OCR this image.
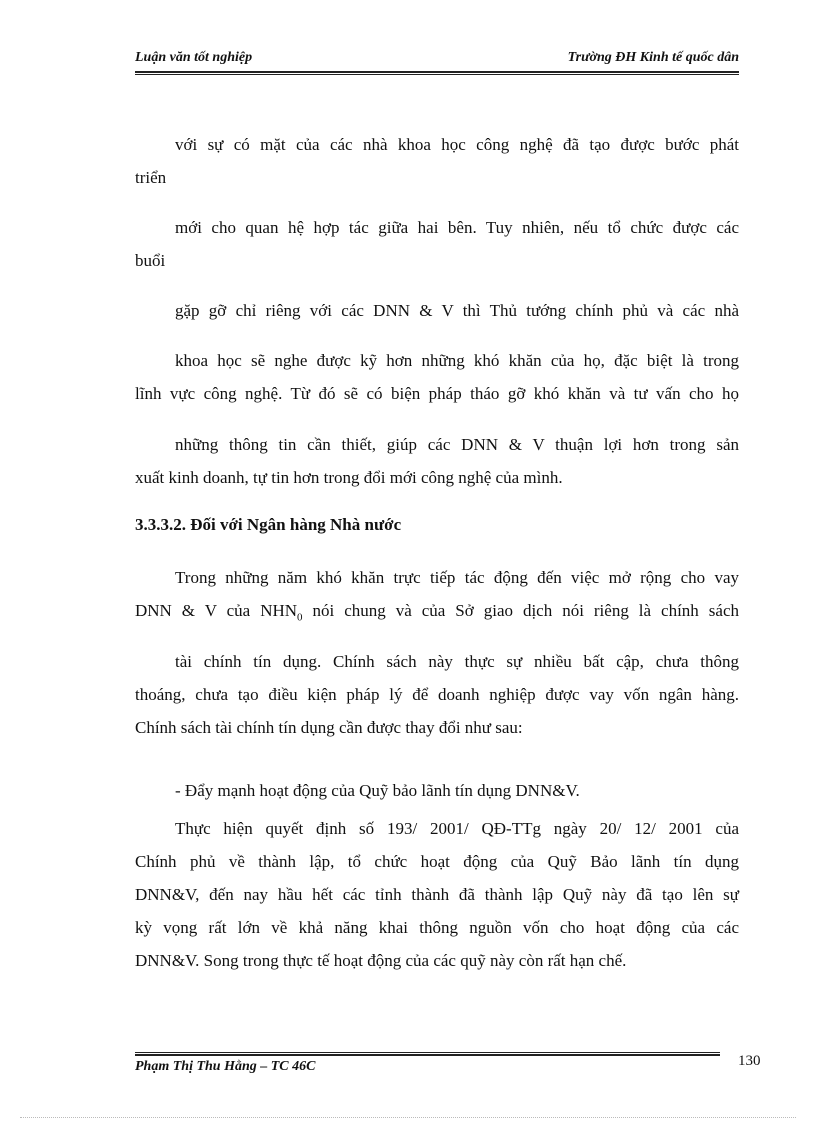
Luận văn tốt nghiệp	Trường ĐH Kinh tế quốc dân
với sự có mặt của các nhà khoa học công nghệ đã tạo được bước phát
triển
mới cho quan hệ hợp tác giữa hai bên. Tuy nhiên, nếu tổ chức được các
buổi
gặp gỡ chỉ riêng với các DNN & V thì Thủ tướng chính phủ và các nhà
khoa học sẽ nghe được kỹ hơn những khó khăn của họ, đặc biệt là trong
lĩnh vực công nghệ. Từ đó sẽ có biện pháp tháo gỡ khó khăn và tư vấn cho họ
những thông tin cần thiết, giúp các DNN & V thuận lợi hơn trong sản
xuất kinh doanh, tự tin hơn trong đổi mới công nghệ của mình.
3.3.3.2. Đối với Ngân hàng Nhà nước
Trong những năm khó khăn trực tiếp tác động đến việc mở rộng cho vay
DNN & V của $NHN_0$ nói chung và của Sở giao dịch nói riêng là chính sách
tài chính tín dụng. Chính sách này thực sự nhiều bất cập, chưa thông
thoáng, chưa tạo điều kiện pháp lý để doanh nghiệp được vay vốn ngân hàng.
Chính sách tài chính tín dụng cần được thay đổi như sau:
- Đẩy mạnh hoạt động của Quỹ bảo lãnh tín dụng DNN&V.
Thực hiện quyết định số 193/ 2001/ QĐ-TTg ngày 20/ 12/ 2001 của
Chính phủ về thành lập, tổ chức hoạt động của Quỹ Bảo lãnh tín dụng
DNN&V, đến nay hầu hết các tỉnh thành đã thành lập Quỹ này đã tạo lên sự
kỳ vọng rất lớn về khả năng khai thông nguồn vốn cho hoạt động của các
DNN&V. Song trong thực tế hoạt động của các quỹ này còn rất hạn chế.
Phạm Thị Thu Hằng – TC 46C	130
